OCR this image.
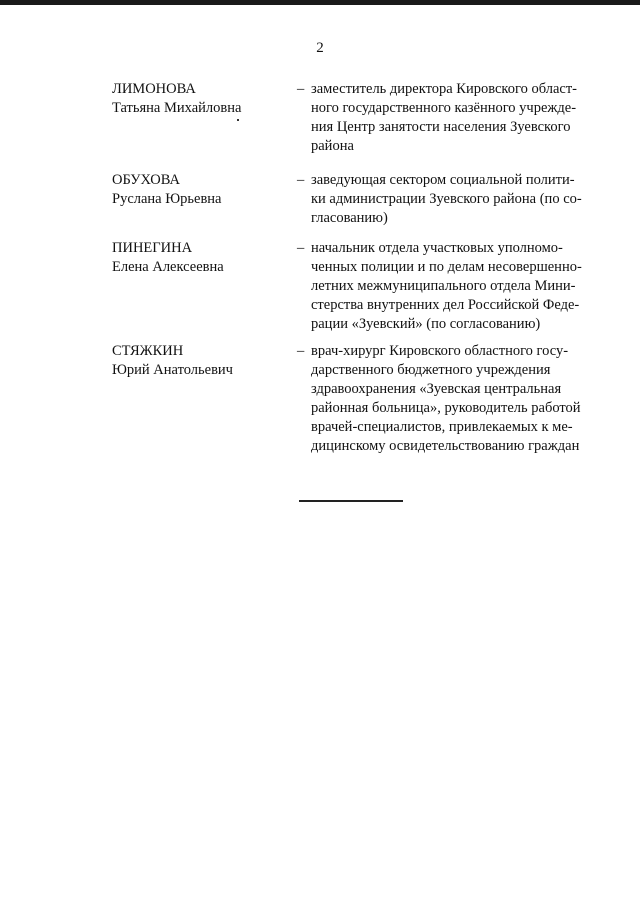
2
ЛИМОНОВА
Татьяна Михайловна
– заместитель директора Кировского област-
ного государственного казённого учрежде-
ния Центр занятости населения Зуевского
района
ОБУХОВА
Руслана Юрьевна
– заведующая сектором социальной полити-
ки администрации Зуевского района (по со-
гласованию)
ПИНЕГИНА
Елена Алексеевна
– начальник отдела участковых уполномо-
ченных полиции и по делам несовершенно-
летних межмуниципального отдела Мини-
стерства внутренних дел Российской Феде-
рации «Зуевский» (по согласованию)
СТЯЖКИН
Юрий Анатольевич
– врач-хирург Кировского областного госу-
дарственного бюджетного учреждения
здравоохранения «Зуевская центральная
районная больница», руководитель работой
врачей-специалистов, привлекаемых к ме-
дицинскому освидетельствованию граждан
